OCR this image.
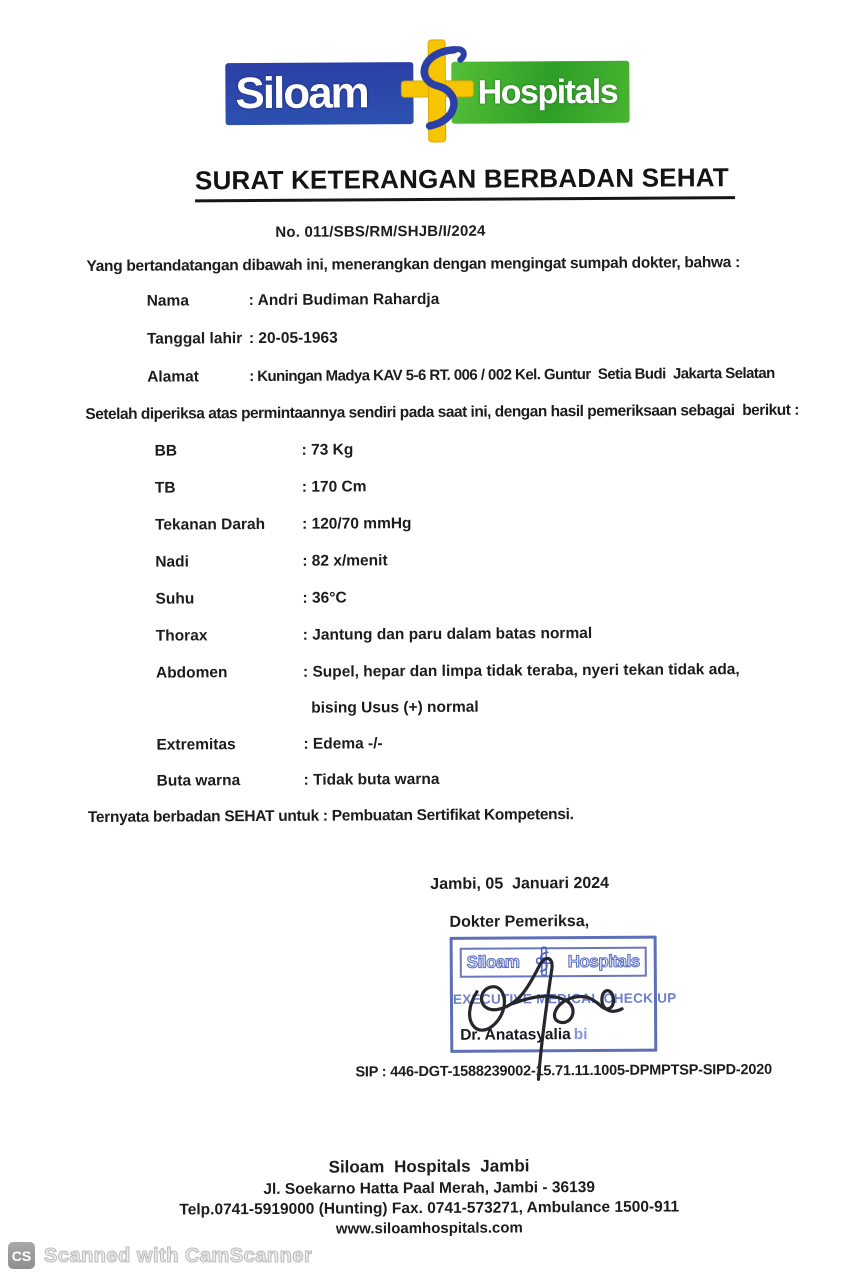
Siloam	Hospitals
SURAT KETERANGAN BERBADAN SEHAT
No. 011/SBS/RM/SHJB/I/2024
Yang bertandatangan dibawah ini, menerangkan dengan mengingat sumpah dokter, bahwa :
Nama	: Andri Budiman Rahardja
Tanggal lahir : 20-05-1963
Alamat	: Kuningan Madya KAV 5-6 RT. 006 / 002 Kel. Guntur  Setia Budi  Jakarta Selatan
Setelah diperiksa atas permintaannya sendiri pada saat ini, dengan hasil pemeriksaan sebagai  berikut :
BB	: 73 Kg
TB	: 170 Cm
Tekanan Darah : 120/70 mmHg
Nadi	: 82 x/menit
Suhu	: 36°C
Thorax	: Jantung dan paru dalam batas normal
Abdomen	: Supel, hepar dan limpa tidak teraba, nyeri tekan tidak ada,
bising Usus (+) normal
Extremitas	: Edema -/-
Buta warna	: Tidak buta warna
Ternyata berbadan SEHAT untuk : Pembuatan Sertifikat Kompetensi.
Jambi, 05  Januari 2024
Dokter Pemeriksa,
Siloam	Hospitals
EXECUTIVE MEDICAL CHECK UP
Dr. Anatasyalia bi
SIP : 446-DGT-1588239002-15.71.11.1005-DPMPTSP-SIPD-2020
Siloam Hospitals Jambi
Jl. Soekarno Hatta Paal Merah, Jambi - 36139
Telp.0741-5919000 (Hunting) Fax. 0741-573271, Ambulance 1500-911
www.siloamhospitals.com
CS Scanned with CamScanner
